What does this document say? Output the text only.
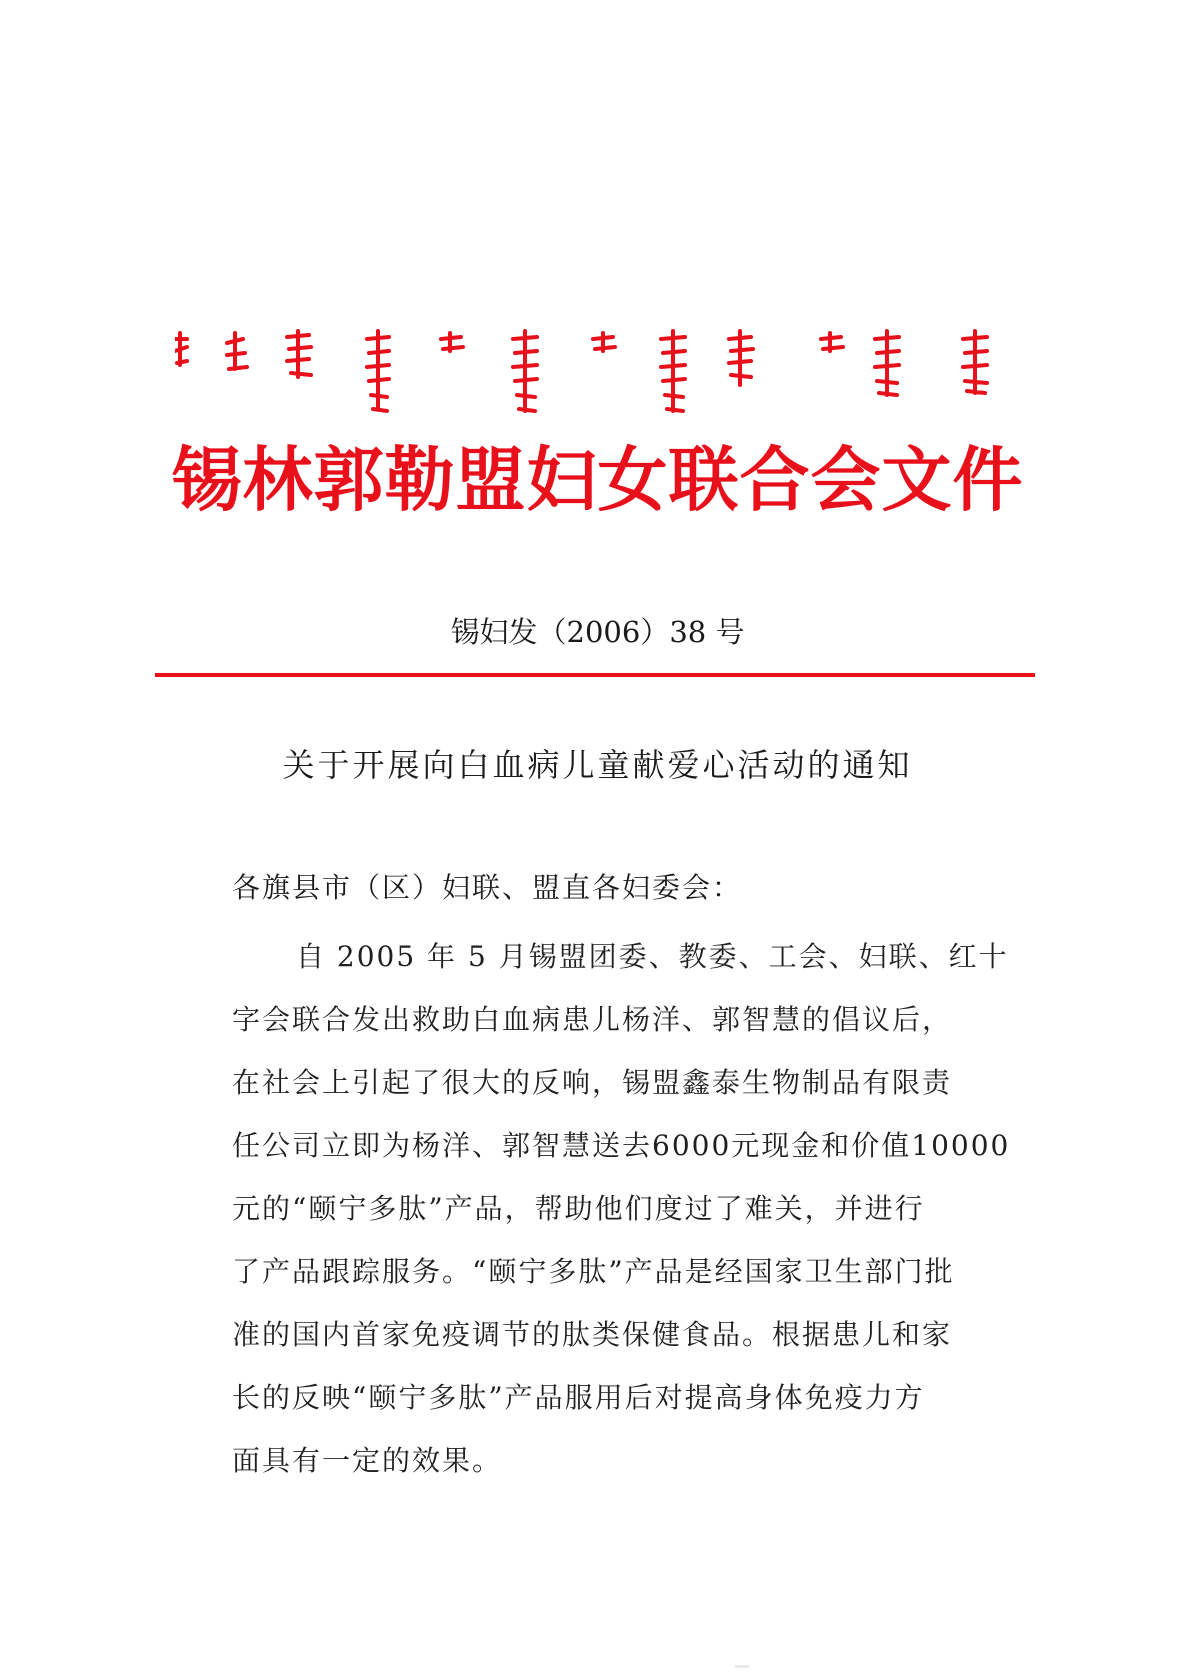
锡林郭勒盟妇女联合会文件
锡妇发（2006）38 号
关于开展向白血病儿童献爱心活动的通知
各旗县市（区）妇联、盟直各妇委会：
自 2005 年 5 月锡盟团委、教委、工会、妇联、红十
字会联合发出救助白血病患儿杨洋、郭智慧的倡议后，
在社会上引起了很大的反响，锡盟鑫泰生物制品有限责
任公司立即为杨洋、郭智慧送去6000元现金和价值10000
元的“颐宁多肽”产品，帮助他们度过了难关，并进行
了产品跟踪服务。“颐宁多肽”产品是经国家卫生部门批
准的国内首家免疫调节的肽类保健食品。根据患儿和家
长的反映“颐宁多肽”产品服用后对提高身体免疫力方
面具有一定的效果。
